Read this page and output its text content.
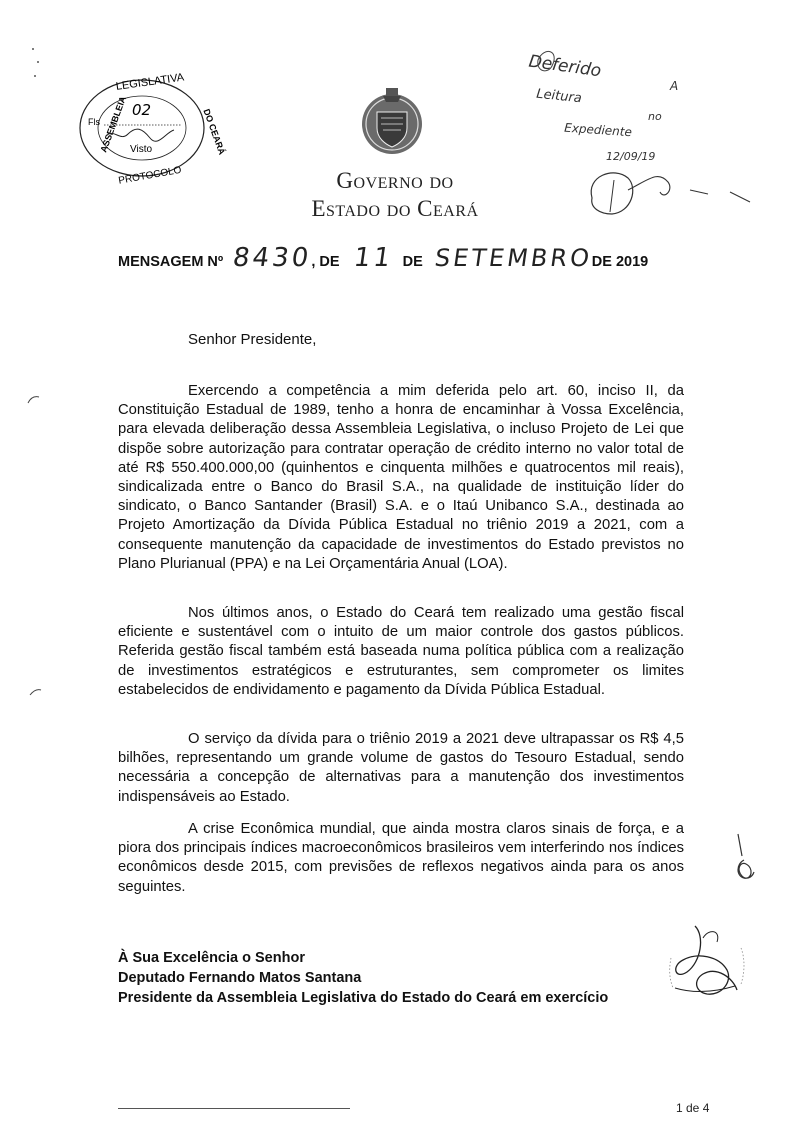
LEGISLATIVA
ASSEMBLEIA	DO CEARÁ
PROTOCOLO
Fls
02
Visto
Governo do
Estado do Ceará
Deferido
A
Leitura
no
Expediente
12/09/19
MENSAGEM Nº 8430
, DE 11 DE SETEMBRO
DE 2019
Senhor Presidente,

Exercendo a competência a mim deferida pelo art. 60, inciso II, da Constituição Estadual de 1989, tenho a honra de encaminhar à Vossa Excelência, para elevada deliberação dessa Assembleia Legislativa, o incluso Projeto de Lei que dispõe sobre autorização para contratar operação de crédito interno no valor total de até R$ 550.400.000,00 (quinhentos e cinquenta milhões e quatrocentos mil reais), sindicalizada entre o Banco do Brasil S.A., na qualidade de instituição líder do sindicato, o Banco Santander (Brasil) S.A. e o Itaú Unibanco S.A., destinada ao Projeto Amortização da Dívida Pública Estadual no triênio 2019 a 2021, com a consequente manutenção da capacidade de investimentos do Estado previstos no Plano Plurianual (PPA) e na Lei Orçamentária Anual (LOA).

Nos últimos anos, o Estado do Ceará tem realizado uma gestão fiscal eficiente e sustentável com o intuito de um maior controle dos gastos públicos. Referida gestão fiscal também está baseada numa política pública com a realização de investimentos estratégicos e estruturantes, sem comprometer os limites estabelecidos de endividamento e pagamento da Dívida Pública Estadual.

O serviço da dívida para o triênio 2019 a 2021 deve ultrapassar os R$ 4,5 bilhões, representando um grande volume de gastos do Tesouro Estadual, sendo necessária a concepção de alternativas para a manutenção dos investimentos indispensáveis ao Estado.

A crise Econômica mundial, que ainda mostra claros sinais de força, e a piora dos principais índices macroeconômicos brasileiros vem interferindo nos índices econômicos desde 2015, com previsões de reflexos negativos ainda para os anos seguintes.

À Sua Excelência o Senhor
Deputado Fernando Matos Santana
Presidente da Assembleia Legislativa do Estado do Ceará em exercício
1 de 4
